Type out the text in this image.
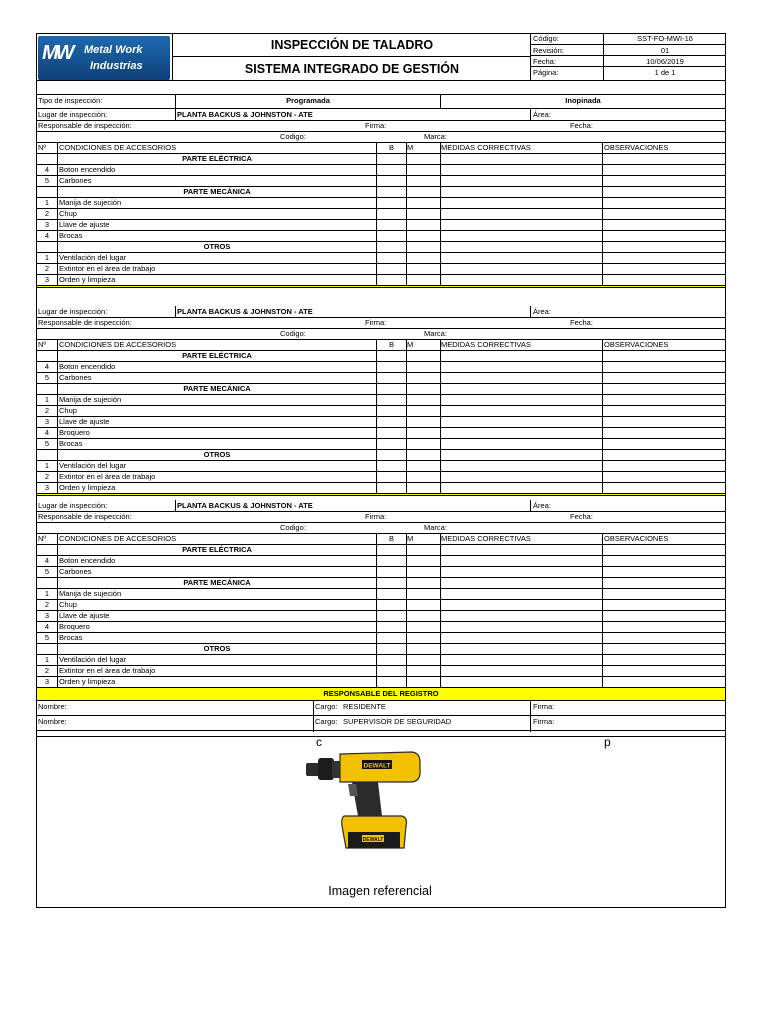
MW Metal Work
Industrias
INSPECCIÓN DE TALADRO
SISTEMA INTEGRADO DE GESTIÓN
Código:	SST-FO-MWI-16
Revisión:	01
Fecha:	10/06/2019
Página:	1 de 1
Tipo de inspección:	Programada	Inopinada
Lugar de inspección:	PLANTA BACKUS & JOHNSTON - ATE	Área:
Responsable de inspección:	Firma:	Fecha:
Codigo:	Marca:
Nº	CONDICIONES DE ACCESORIOS	B	M	MEDIDAS CORRECTIVAS	OBSERVACIONES
PARTE ELÉCTRICA
4	Boton encendido
5	Carbones
PARTE MECÁNICA
1	Manija de sujeción
2	Chup
3	Llave de ajuste
4	Brocas
OTROS
1	Ventilación del lugar
2	Extintor en el área de trabajo
3	Orden y limpieza
Lugar de inspección:	PLANTA BACKUS & JOHNSTON - ATE	Área:
Responsable de inspección:	Firma:	Fecha:
Codigo:	Marca:
Nº	CONDICIONES DE ACCESORIOS	B	M	MEDIDAS CORRECTIVAS	OBSERVACIONES
PARTE ELÉCTRICA
4	Boton encendido
5	Carbones
PARTE MECÁNICA
1	Manija de sujeción
2	Chup
3	Llave de ajuste
4	Broquero
5	Brocas
OTROS
1	Ventilación del lugar
2	Extintor en el área de trabajo
3	Orden y limpieza
Lugar de inspección:	PLANTA BACKUS & JOHNSTON - ATE	Área:
Responsable de inspección:	Firma:	Fecha:
Codigo:	Marca:
Nº	CONDICIONES DE ACCESORIOS	B	M	MEDIDAS CORRECTIVAS	OBSERVACIONES
PARTE ELÉCTRICA
4	Boton encendido
5	Carbones
PARTE MECÁNICA
1	Manija de sujeción
2	Chup
3	Llave de ajuste
4	Broquero
5	Brocas
OTROS
1	Ventilación del lugar
2	Extintor en el área de trabajo
3	Orden y limpieza
RESPONSABLE DEL REGISTRO
Nombre:	Cargo: RESIDENTE	Firma:
Nombre:	Cargo: SUPERVISOR DE SEGURIDAD	Firma:
c	p
DEWALT
DEWALT
Imagen referencial
